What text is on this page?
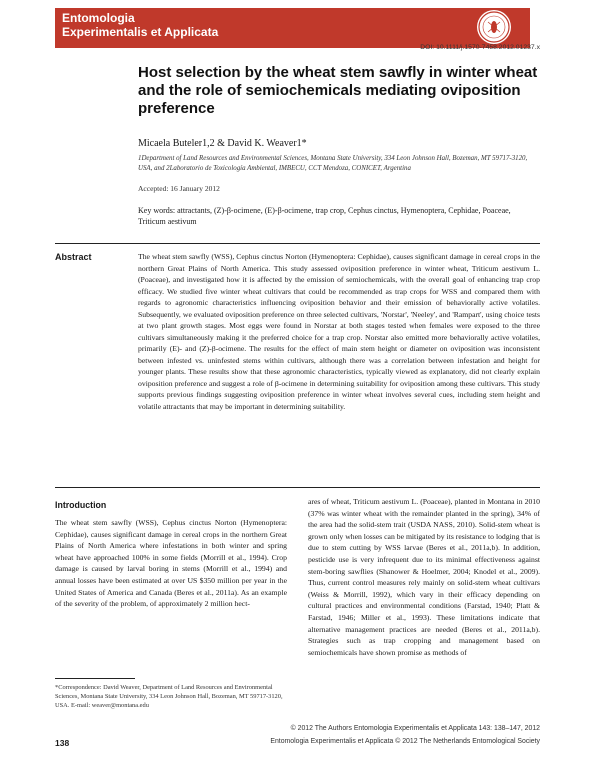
Entomologia
Experimentalis et Applicata
DOI: 10.1111/j.1570-7458.2012.01237.x
Host selection by the wheat stem sawfly in winter wheat and the role of semiochemicals mediating oviposition preference
Micaela Buteler1,2 & David K. Weaver1*
1Department of Land Resources and Environmental Sciences, Montana State University, 334 Leon Johnson Hall, Bozeman, MT 59717-3120, USA, and 2Laboratorio de Toxicología Ambiental, IMBECU, CCT Mendoza, CONICET, Argentina
Accepted: 16 January 2012
Key words: attractants, (Z)-β-ocimene, (E)-β-ocimene, trap crop, Cephus cinctus, Hymenoptera, Cephidae, Poaceae, Triticum aestivum
Abstract	The wheat stem sawfly (WSS), Cephus cinctus Norton (Hymenoptera: Cephidae), causes significant damage in cereal crops in the northern Great Plains of North America. This study assessed oviposition preference in winter wheat, Triticum aestivum L. (Poaceae), and investigated how it is affected by the emission of semiochemicals, with the overall goal of enhancing trap crop efficacy. We studied five winter wheat cultivars that could be recommended as trap crops for WSS and compared them with regards to agronomic characteristics influencing oviposition behavior and their emission of behaviorally active volatiles. Subsequently, we evaluated oviposition preference on three selected cultivars, 'Norstar', 'Neeley', and 'Rampart', using choice tests at two plant growth stages. Most eggs were found in Norstar at both stages tested when females were exposed to the three cultivars simultaneously making it the preferred choice for a trap crop. Norstar also emitted more behaviorally active volatiles, primarily (E)- and (Z)-β-ocimene. The results for the effect of main stem height or diameter on oviposition was inconsistent between infested vs. uninfested stems within cultivars, although there was a correlation between infestation and height for younger plants. These results show that these agronomic characteristics, typically viewed as explanatory, did not clearly explain oviposition preference and suggest a role of β-ocimene in determining suitability for oviposition among these cultivars. This study supports previous findings suggesting oviposition preference in winter wheat involves several cues, including stem height and volatile attractants that may be important in determining suitability.
Introduction

The wheat stem sawfly (WSS), Cephus cinctus Norton (Hymenoptera: Cephidae), causes significant damage in cereal crops in the northern Great Plains of North America where infestations in both winter and spring wheat have approached 100% in some fields (Morrill et al., 1994). Crop damage is caused by larval boring in stems (Morrill et al., 1994) and annual losses have been estimated at over US $350 million per year in the United States of America and Canada (Beres et al., 2011a). As an example of the severity of the problem, of approximately 2 million hect-

ares of wheat, Triticum aestivum L. (Poaceae), planted in Montana in 2010 (37% was winter wheat with the remainder planted in the spring), 34% of the area had the solid-stem trait (USDA NASS, 2010). Solid-stem wheat is grown only when losses can be mitigated by its resistance to lodging that is due to stem cutting by WSS larvae (Beres et al., 2011a,b). In addition, pesticide use is very infrequent due to its minimal effectiveness against stem-boring sawflies (Shanower & Hoelmer, 2004; Knodel et al., 2009). Thus, current control measures rely mainly on solid-stem wheat cultivars (Weiss & Morrill, 1992), which vary in their efficacy depending on cultural practices and environmental conditions (Farstad, 1940; Platt & Farstad, 1946; Miller et al., 1993). These limitations indicate that alternative management practices are needed (Beres et al., 2011a,b). Strategies such as trap cropping and management based on semiochemicals have shown promise as methods of

*Correspondence: David Weaver, Department of Land Resources and Environmental Sciences, Montana State University, 334 Leon Johnson Hall, Bozeman, MT 59717-3120, USA. E-mail: weaver@montana.edu
138
© 2012 The Authors Entomologia Experimentalis et Applicata 143: 138–147, 2012
Entomologia Experimentalis et Applicata © 2012 The Netherlands Entomological Society
